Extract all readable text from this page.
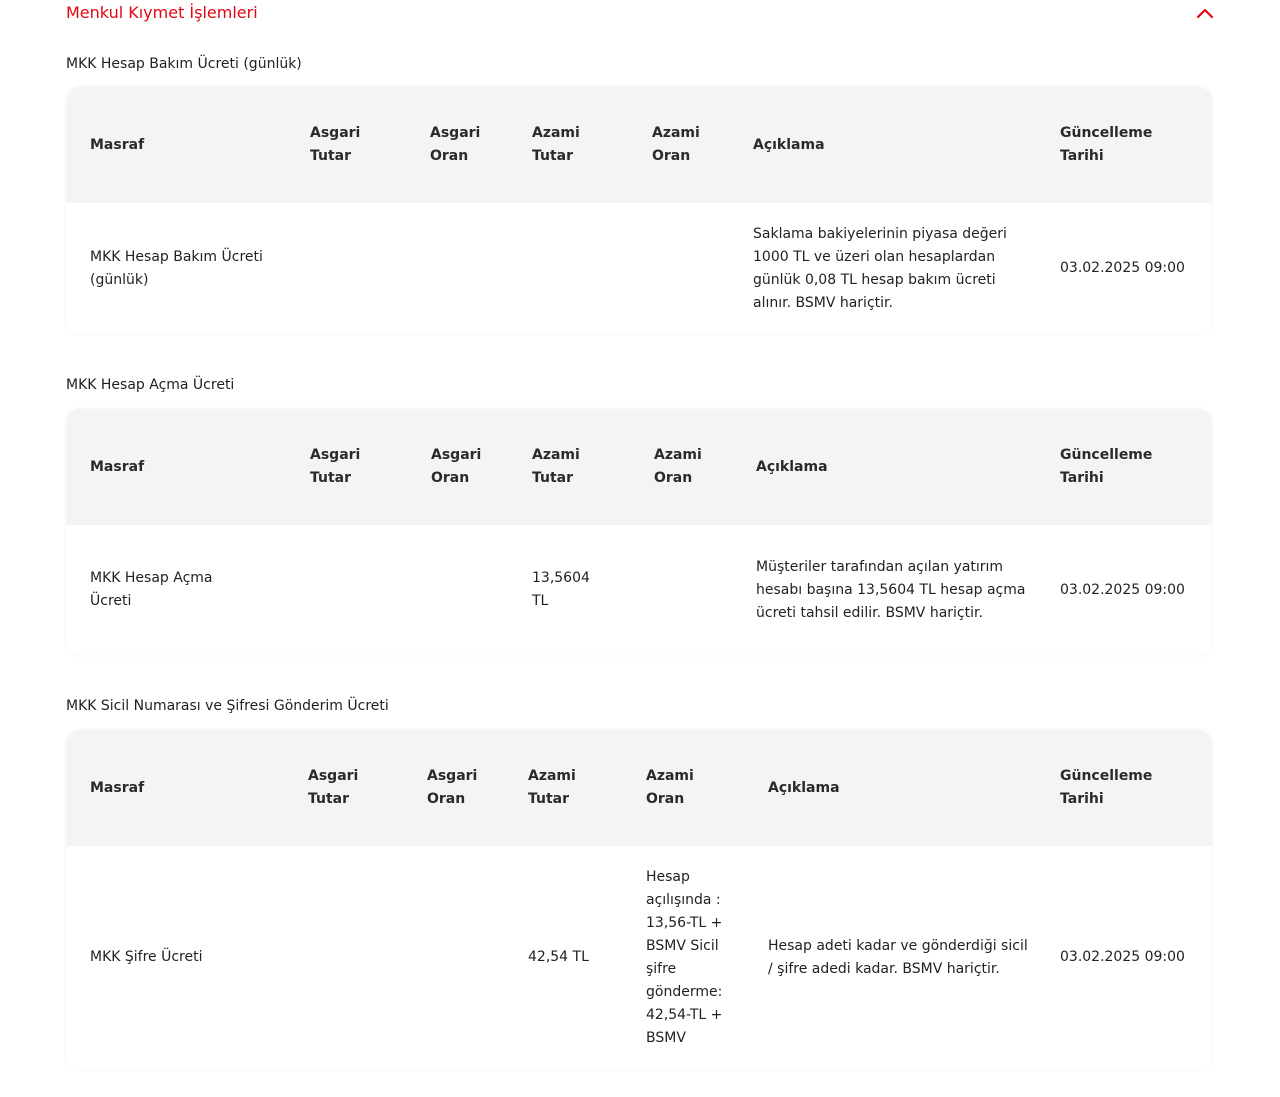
Menkul Kıymet İşlemleri
MKK Hesap Bakım Ücreti (günlük)
Masraf
Asgari Tutar
Asgari Oran
Azami Tutar
Azami Oran
Açıklama
Güncelleme Tarihi
MKK Hesap Bakım Ücreti (günlük)
Saklama bakiyelerinin piyasa değeri 1000 TL ve üzeri olan hesaplardan günlük 0,08 TL hesap bakım ücreti alınır. BSMV hariçtir.
03.02.2025 09:00
MKK Hesap Açma Ücreti
Masraf
Asgari Tutar
Asgari Oran
Azami Tutar
Azami Oran
Açıklama
Güncelleme Tarihi
MKK Hesap Açma Ücreti
13,5604 TL
Müşteriler tarafından açılan yatırım hesabı başına 13,5604 TL hesap açma ücreti tahsil edilir. BSMV hariçtir.
03.02.2025 09:00
MKK Sicil Numarası ve Şifresi Gönderim Ücreti
Masraf
Asgari Tutar
Asgari Oran
Azami Tutar
Azami Oran
Açıklama
Güncelleme Tarihi
MKK Şifre Ücreti	42,54 TL
Hesap açılışında : 13,56-TL + BSMV Sicil şifre gönderme: 42,54-TL + BSMV
Hesap adeti kadar ve gönderdiği sicil / şifre adedi kadar. BSMV hariçtir.
03.02.2025 09:00
